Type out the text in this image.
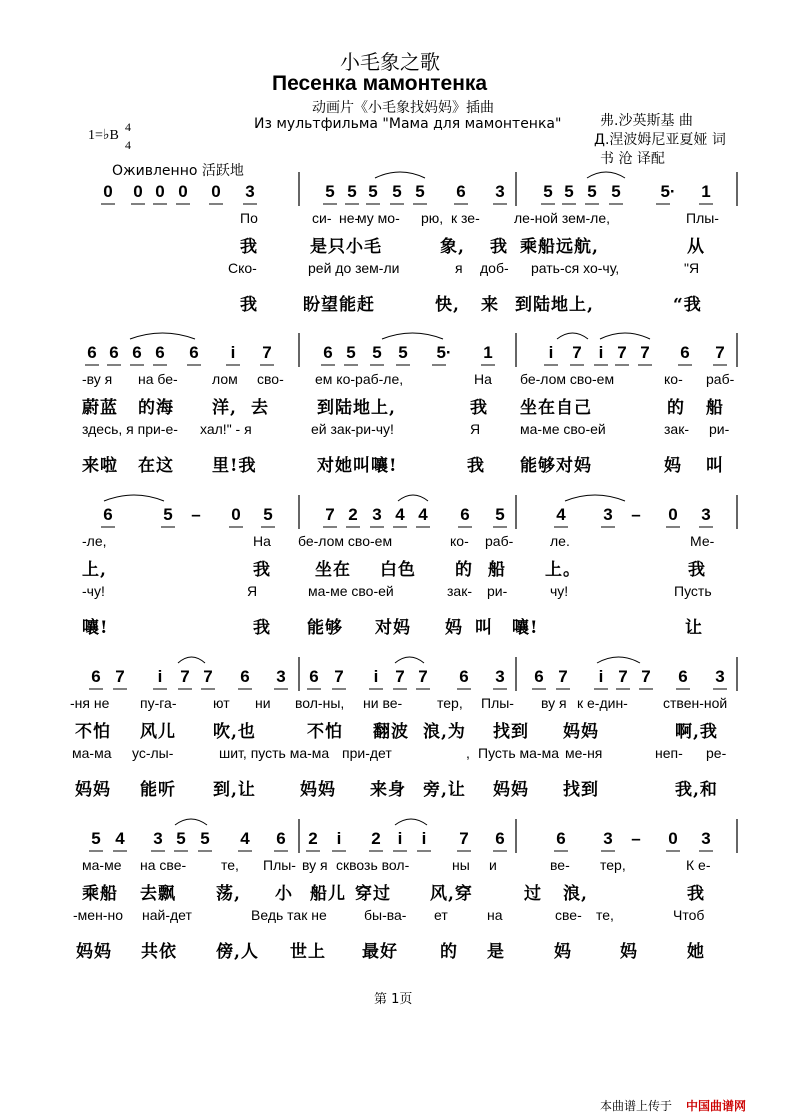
小毛象之歌
Песенка мамонтенка
动画片《小毛象找妈妈》插曲
Из мультфильма "Мама для мамонтенка"	弗.沙英斯基 曲
Д.涅波姆尼亚夏娅 词
书 沧 译配
1=♭B
4
4
Оживленно 活跃地
0 0 0 0 0 3	5 5 5 5 5 6 3 5 5 5 5	5·	1
По	си- не-
му мо- рю, к зе- ле-ной зем-ле,	Плы-
我	是只小毛	象, 我 乘船远航,	从
Ско-	рей до зем-ли	я доб- рать-ся хо-чу,	"Я
我	盼望能赶	快, 来 到陆地上,	“我
6 6 6 6 6	i	7	6 5 5 5	5·	1	i	7 i 7 7 6 7
-ву я на бе- лом сво- ем ко-раб-ле,	На бе-лом сво-ем	ко- раб-
蔚蓝 的海 洋, 去	到陆地上,	我 坐在自己	的 船
здесь, я при-е- хал!" - я	ей зак-ри-чу!	Я	ма-ме сво-ей	зак- ри-
来啦 在这 里!我	对她叫嚷!	我 能够对妈	妈 叫
6	5 – 0 5	7 2 3 4 4 6 5	4 3 – 0 3
-ле,	На бе-лом сво-ем	ко- раб-	ле.	Ме-
上,	我	坐在 白色 的 船 上。	我
-чу!	Я	ма-ме сво-ей	зак- ри-	чу!	Пусть
嚷!	我 能够 对妈 妈 叫 嚷!	让
6 7	i	7 7 6 3 6 7	i 7 7 6 3 6 7	i 7 7 6 3
-ня не пу-га-	ют ни вол-ны, ни ве- тер, Плы- ву я к е-дин-	ствен-ной
不怕 风儿 吹,也	不怕 翻波 浪,为 找到 妈妈	啊,我
ма-ма ус-лы-	шит, пусть ма-ма при-дет	, Пусть ма-ма ме-ня	неп- ре-
妈妈 能听 到,让	妈妈 来身 旁,让 妈妈 找到	我,和
5 4 3 5 5 4 6 2	i	2 i	i	7 6	6 3 – 0 3
ма-ме на све- те, Плы- ву я сквозь вол-	ны и	ве- тер,	К е-
乘船 去飘 荡, 小 船儿 穿过 风,穿	过 浪,	我
-мен-но най-дет	Ведь так не	бы-ва- ет	на	све- те,	Чтоб
妈妈 共依 傍,人 世上 最好 的 是	妈	妈	她
第 1页
本曲谱上传于 中国曲谱网
